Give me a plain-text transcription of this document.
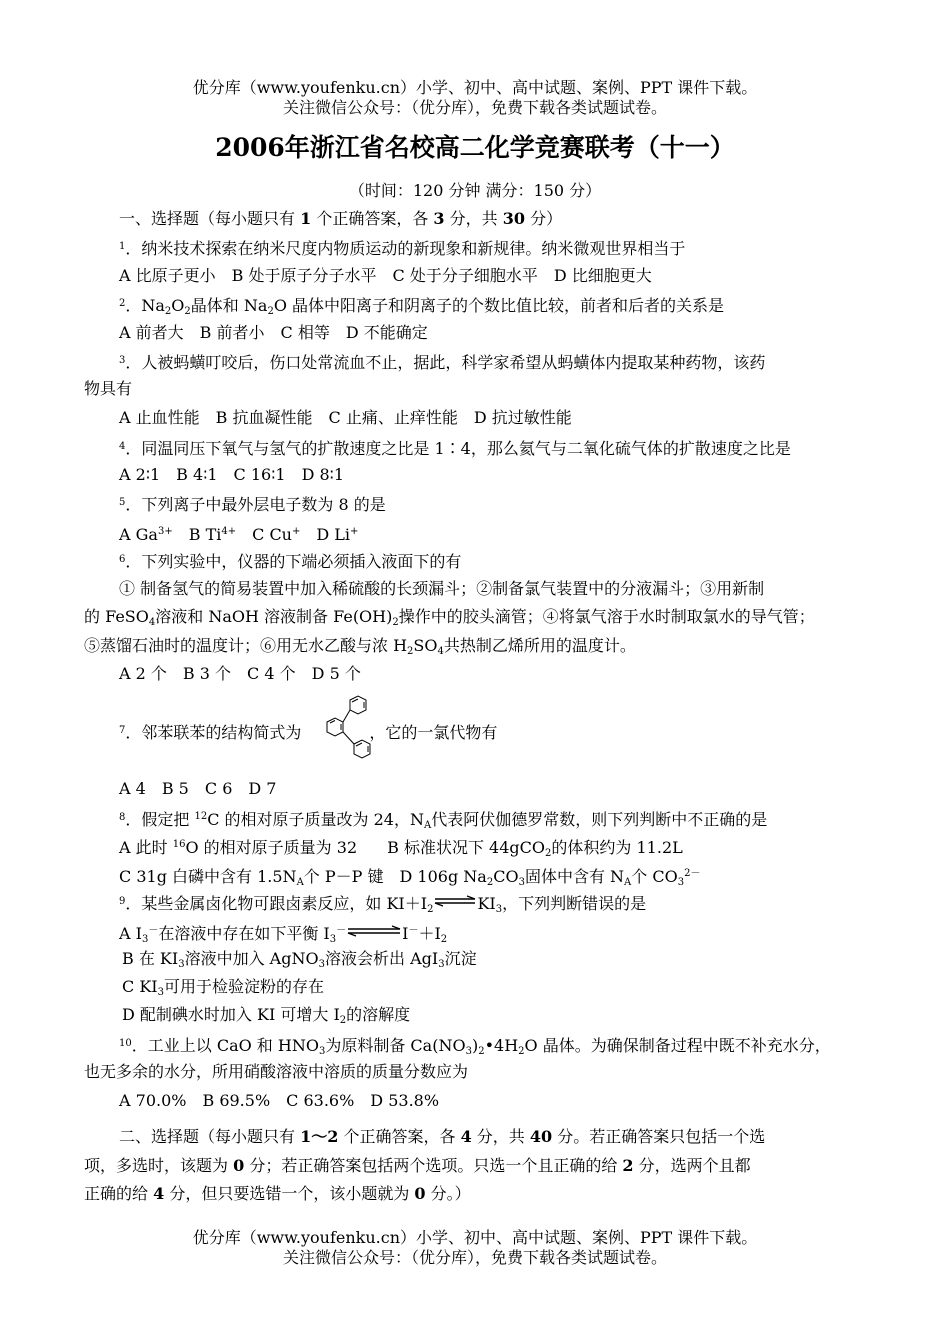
优分库（www.youfenku.cn）小学、初中、高中试题、案例、PPT 课件下载。
关注微信公众号：（优分库），免费下载各类试题试卷。
2006年浙江省名校高二化学竞赛联考（十一）
（时间：120 分钟 满分：150 分）
一、选择题（每小题只有 1 个正确答案，各 3 分，共 30 分）
$^1$．纳米技术探索在纳米尺度内物质运动的新现象和新规律。纳米微观世界相当于
A 比原子更小 B 处于原子分子水平 C 处于分子细胞水平 D 比细胞更大
$^2$．Na2O2晶体和 Na2O 晶体中阳离子和阴离子的个数比值比较，前者和后者的关系是
A 前者大 B 前者小 C 相等 D 不能确定
$^3$．人被蚂蟥叮咬后，伤口处常流血不止，据此，科学家希望从蚂蟥体内提取某种药物，该药
物具有
A 止血性能 B 抗血凝性能 C 止痛、止痒性能 D 抗过敏性能
$^4$．同温同压下氧气与氢气的扩散速度之比是 1∶4，那么氦气与二氧化硫气体的扩散速度之比是
A 2∶1 B 4∶1 C 16∶1 D 8∶1
$^5$．下列离子中最外层电子数为 8 的是
A $Ga^{3+}$ B $Ti^{4+}$ C Cu+ D Li+
$^6$．下列实验中，仪器的下端必须插入液面下的有
① 制备氢气的简易装置中加入稀硫酸的长颈漏斗；②制备氯气装置中的分液漏斗；③用新制
的 FeSO4溶液和 NaOH 溶液制备 Fe(OH)2操作中的胶头滴管；④将氯气溶于水时制取氯水的导气管；
⑤蒸馏石油时的温度计；⑥用无水乙酸与浓 H2SO4共热制乙烯所用的温度计。
A 2 个 B 3 个 C 4 个 D 5 个
$^7$．邻苯联苯的结构简式为	，它的一氯代物有
A 4 B 5 C 6 D 7
$^8$．假定把 $^{12}$C 的相对原子质量改为 24，NA代表阿伏伽德罗常数，则下列判断中不正确的是
A 此时 $^{16}$O 的相对原子质量为 32 B 标准状况下 44gCO2的体积约为 11.2L
C 31g 白磷中含有 1.5NA个 P－P 键 D 106g Na2CO3固体中含有 NA个 $CO3^{2-}$
$^9$．某些金属卤化物可跟卤素反应，如 KI＋I2 ⇌KI3，下列判断错误的是
A I3－在溶液中存在如下平衡 I3－⇌I－＋I2
B 在 KI3溶液中加入 AgNO3溶液会析出 AgI3沉淀
C KI3可用于检验淀粉的存在
D 配制碘水时加入 KI 可增大 I2的溶解度
$^{10}$．工业上以 CaO 和 HNO3为原料制备 Ca(NO3)2•4H2O 晶体。为确保制备过程中既不补充水分，
也无多余的水分，所用硝酸溶液中溶质的质量分数应为
A 70.0% B 69.5% C 63.6% D 53.8%
二、选择题（每小题只有 1～2 个正确答案，各 4 分，共 40 分。若正确答案只包括一个选
项，多选时，该题为 0 分；若正确答案包括两个选项。只选一个且正确的给 2 分，选两个且都
正确的给 4 分，但只要选错一个，该小题就为 0 分。）
优分库（www.youfenku.cn）小学、初中、高中试题、案例、PPT 课件下载。
关注微信公众号：（优分库），免费下载各类试题试卷。
